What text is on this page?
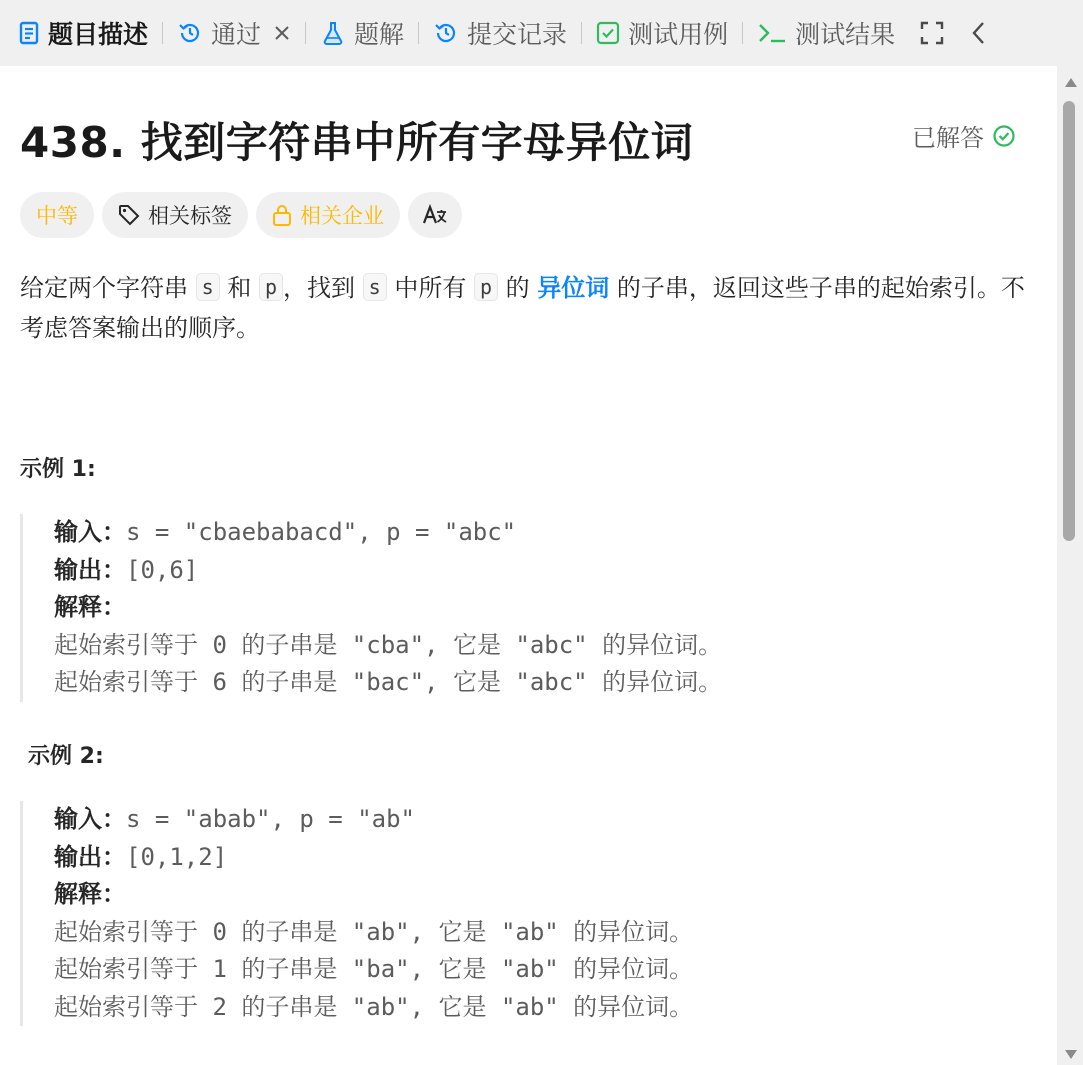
题目描述	通过	题解	提交记录 测试用例	测试结果
438. 找到字符串中所有字母异位词	已解答
中等	相关标签	相关企业
给定两个字符串 s 和 p ，找到 s 中所有 p 的 异位词 的子串，返回这些子串的起始索引。不考虑答案输出的顺序。
示例 1:
输入：s = "cbaebabacd", p = "abc"
输出：[0,6]
解释：
起始索引等于 0 的子串是 "cba", 它是 "abc" 的异位词。
起始索引等于 6 的子串是 "bac", 它是 "abc" 的异位词。
示例 2:
输入：s = "abab", p = "ab"
输出：[0,1,2]
解释：
起始索引等于 0 的子串是 "ab", 它是 "ab" 的异位词。
起始索引等于 1 的子串是 "ba", 它是 "ab" 的异位词。
起始索引等于 2 的子串是 "ab", 它是 "ab" 的异位词。
